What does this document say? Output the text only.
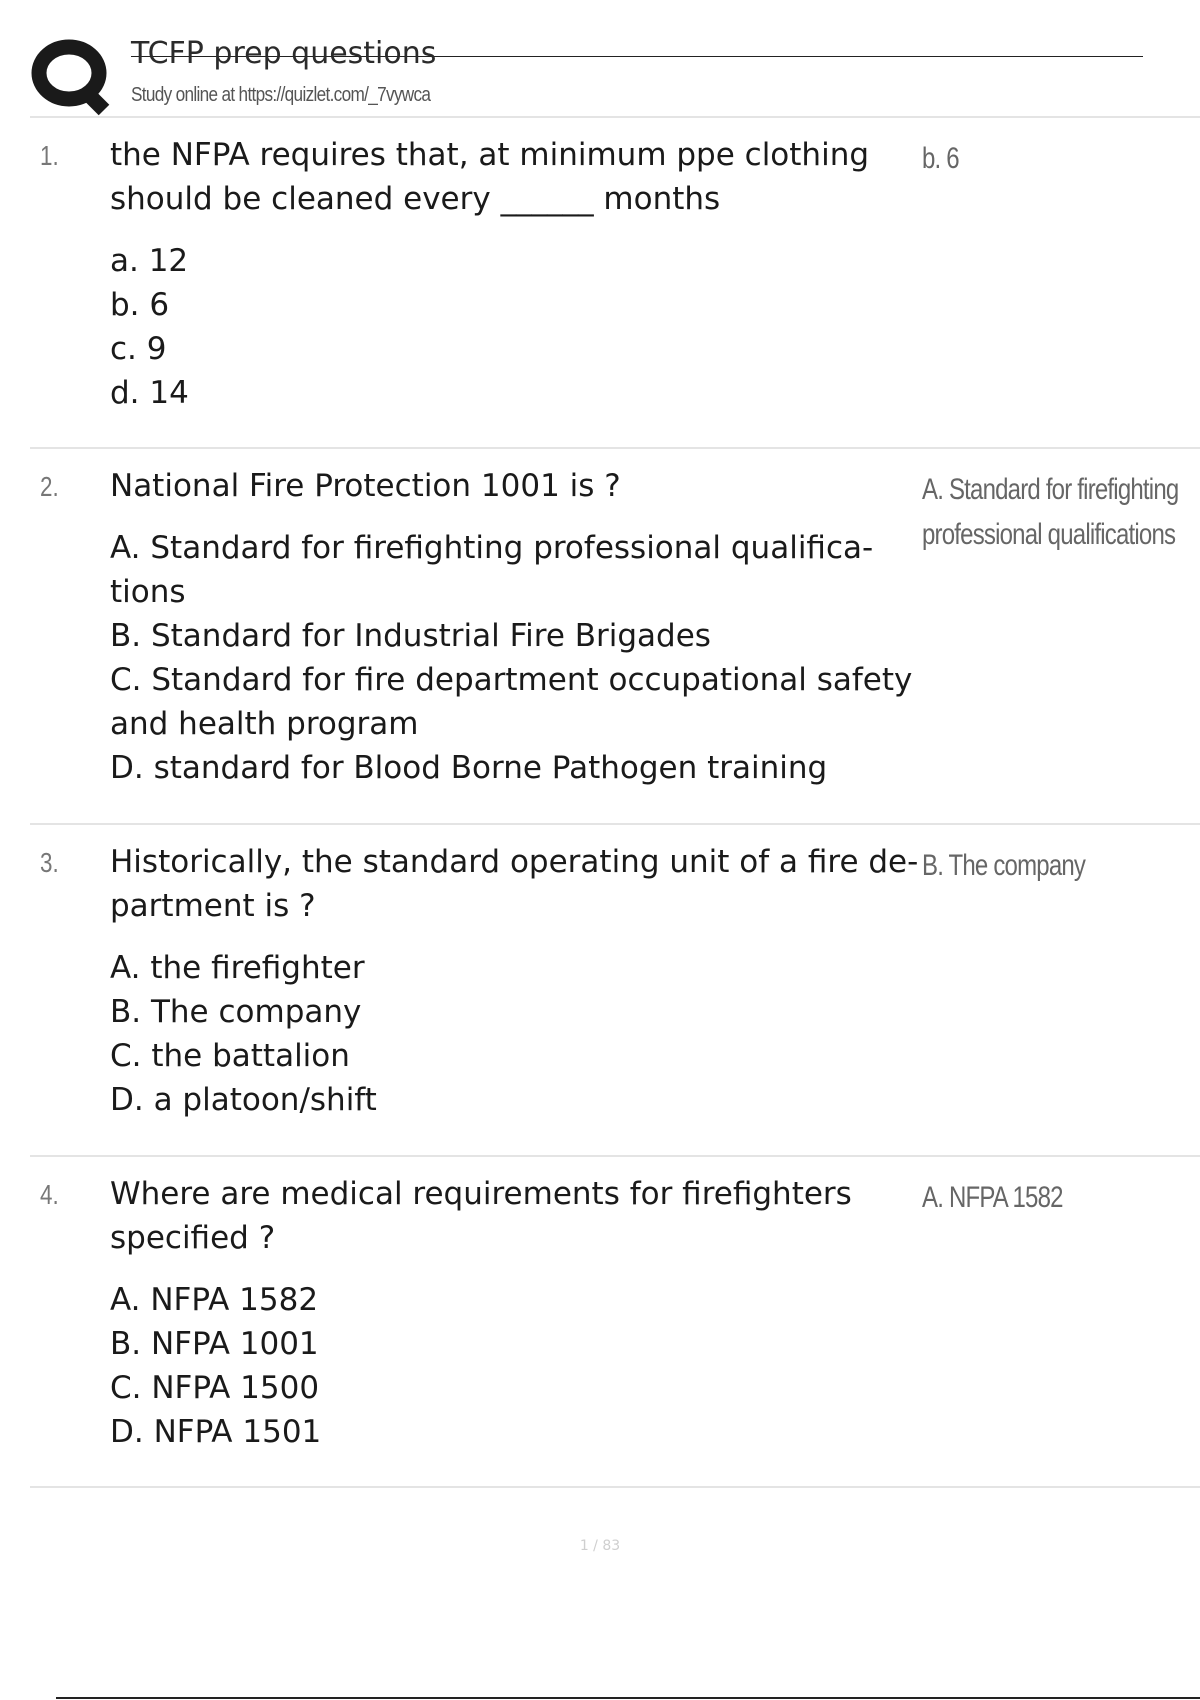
TCFP prep questions
Study online at https://quizlet.com/_7vywca
1. the NFPA requires that, at minimum ppe clothing should be cleaned every ______ months

a. 12
b. 6
c. 9
d. 14
b. 6
2. National Fire Protection 1001 is ?

A. Standard for firefighting professional qualifications
B. Standard for Industrial Fire Brigades
C. Standard for fire department occupational safety and health program
D. standard for Blood Borne Pathogen training
A. Standard for firefighting professional qualifications
3. Historically, the standard operating unit of a fire department is ?

A. the firefighter
B. The company
C. the battalion
D. a platoon/shift
B. The company
4. Where are medical requirements for firefighters specified ?

A. NFPA 1582
B. NFPA 1001
C. NFPA 1500
D. NFPA 1501
A. NFPA 1582
1 / 83
